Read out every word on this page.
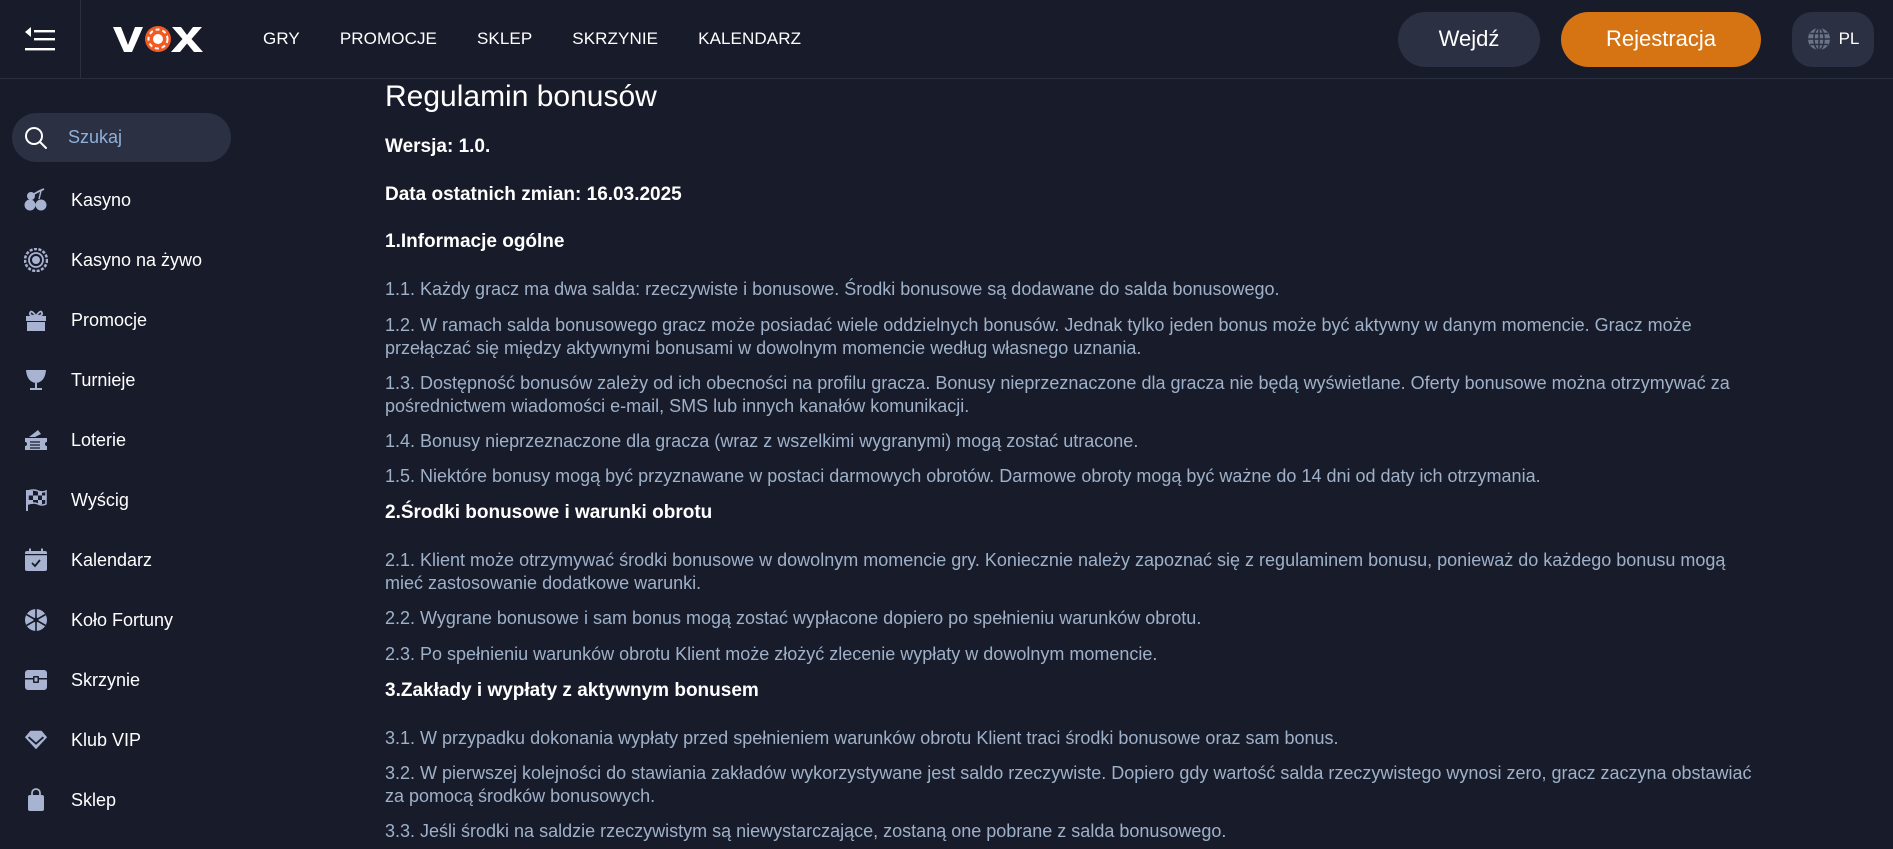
GRY PROMOCJE SKLEP SKRZYNIE KALENDARZ	Wejdź	Rejestracja	PL
Szukaj
Kasyno
Kasyno na żywo
Promocje
Turnieje
Loterie
Wyścig
Kalendarz
Koło Fortuny
Skrzynie
Klub VIP
Sklep
Regulamin bonusów
Wersja: 1.0.
Data ostatnich zmian: 16.03.2025
1.Informacje ogólne

1.1. Każdy gracz ma dwa salda: rzeczywiste i bonusowe. Środki bonusowe są dodawane do salda bonusowego.

1.2. W ramach salda bonusowego gracz może posiadać wiele oddzielnych bonusów. Jednak tylko jeden bonus może być aktywny w danym momencie. Gracz może przełączać się między aktywnymi bonusami w dowolnym momencie według własnego uznania.

1.3. Dostępność bonusów zależy od ich obecności na profilu gracza. Bonusy nieprzeznaczone dla gracza nie będą wyświetlane. Oferty bonusowe można otrzymywać za pośrednictwem wiadomości e-mail, SMS lub innych kanałów komunikacji.

1.4. Bonusy nieprzeznaczone dla gracza (wraz z wszelkimi wygranymi) mogą zostać utracone.

1.5. Niektóre bonusy mogą być przyznawane w postaci darmowych obrotów. Darmowe obroty mogą być ważne do 14 dni od daty ich otrzymania.

2.Środki bonusowe i warunki obrotu

2.1. Klient może otrzymywać środki bonusowe w dowolnym momencie gry. Koniecznie należy zapoznać się z regulaminem bonusu, ponieważ do każdego bonusu mogą mieć zastosowanie dodatkowe warunki.

2.2. Wygrane bonusowe i sam bonus mogą zostać wypłacone dopiero po spełnieniu warunków obrotu.

2.3. Po spełnieniu warunków obrotu Klient może złożyć zlecenie wypłaty w dowolnym momencie.

3.Zakłady i wypłaty z aktywnym bonusem

3.1. W przypadku dokonania wypłaty przed spełnieniem warunków obrotu Klient traci środki bonusowe oraz sam bonus.

3.2. W pierwszej kolejności do stawiania zakładów wykorzystywane jest saldo rzeczywiste. Dopiero gdy wartość salda rzeczywistego wynosi zero, gracz zaczyna obstawiać za pomocą środków bonusowych.

3.3. Jeśli środki na saldzie rzeczywistym są niewystarczające, zostaną one pobrane z salda bonusowego.
